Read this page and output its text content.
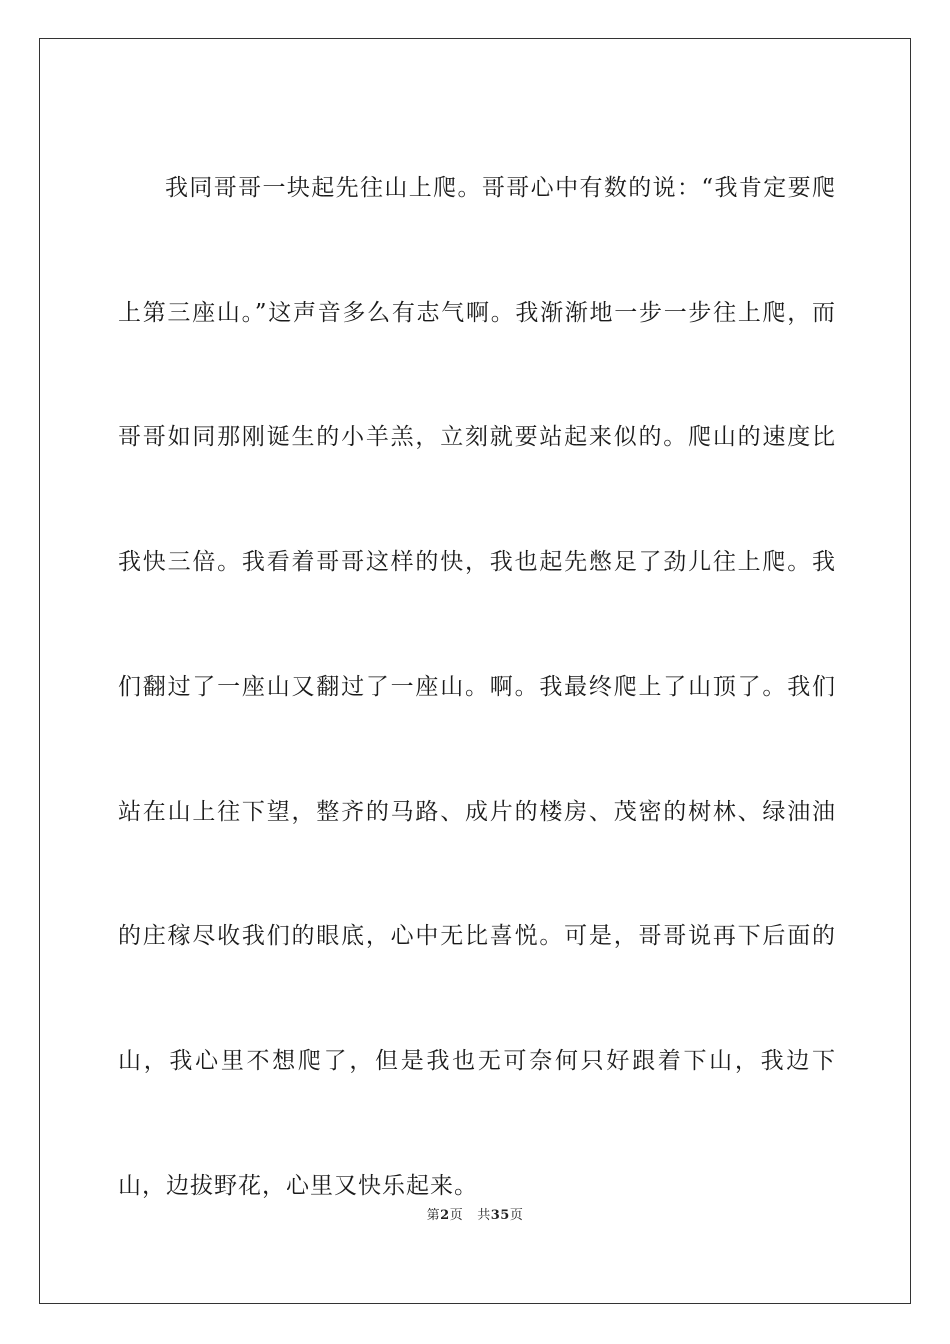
我同哥哥一块起先往山上爬。哥哥心中有数的说：“我肯定要爬上第三座山。”这声音多么有志气啊。我渐渐地一步一步往上爬，而哥哥如同那刚诞生的小羊羔，立刻就要站起来似的。爬山的速度比我快三倍。我看着哥哥这样的快，我也起先憋足了劲儿往上爬。我们翻过了一座山又翻过了一座山。啊。我最终爬上了山顶了。我们站在山上往下望，整齐的马路、成片的楼房、茂密的树林、绿油油的庄稼尽收我们的眼底，心中无比喜悦。可是，哥哥说再下后面的山，我心里不想爬了，但是我也无可奈何只好跟着下山，我边下山，边拔野花，心里又快乐起来。

第2页 共35页
